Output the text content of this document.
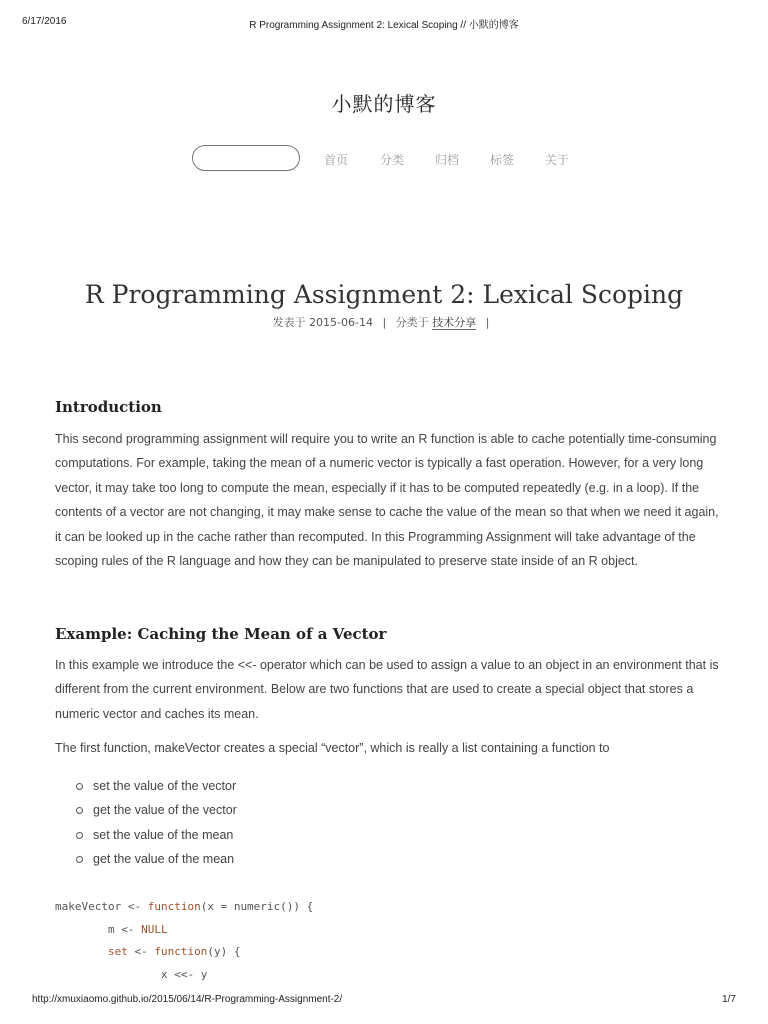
6/17/2016	R Programming Assignment 2: Lexical Scoping // 小默的博客
小默的博客
首页	分类	归档	标签	关于
R Programming Assignment 2: Lexical Scoping
发表于 2015-06-14 | 分类于 技术分享 |
Introduction
This second programming assignment will require you to write an R function is able to cache potentially time-consuming computations. For example, taking the mean of a numeric vector is typically a fast operation. However, for a very long vector, it may take too long to compute the mean, especially if it has to be computed repeatedly (e.g. in a loop). If the contents of a vector are not changing, it may make sense to cache the value of the mean so that when we need it again, it can be looked up in the cache rather than recomputed. In this Programming Assignment will take advantage of the scoping rules of the R language and how they can be manipulated to preserve state inside of an R object.
Example: Caching the Mean of a Vector
In this example we introduce the <<- operator which can be used to assign a value to an object in an environment that is different from the current environment. Below are two functions that are used to create a special object that stores a numeric vector and caches its mean.
The first function, makeVector creates a special “vector”, which is really a list containing a function to
set the value of the vector
get the value of the vector
set the value of the mean
get the value of the mean
makeVector <- function(x = numeric()) {
m <- NULL
set <- function(y) {
x <<- y
http://xmuxiaomo.github.io/2015/06/14/R-Programming-Assignment-2/	1/7
